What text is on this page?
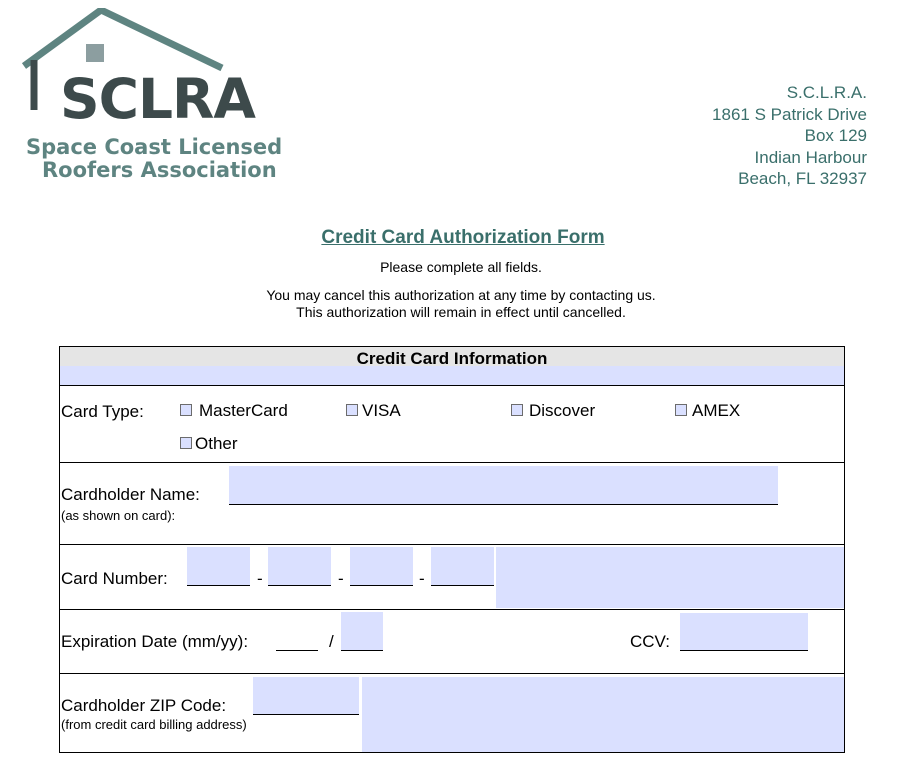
SCLRA
Space Coast Licensed
Roofers Association
S.C.L.R.A.
1861 S Patrick Drive
Box 129
Indian Harbour
Beach, FL 32937
Credit Card Authorization Form
Please complete all fields.
You may cancel this authorization at any time by contacting us.
This authorization will remain in effect until cancelled.
Credit Card Information
Card Type:	MasterCard	VISA	Discover	AMEX
Other
Cardholder Name:
(as shown on card):
Card Number:	-	-	-
Expiration Date (mm/yy):	/	CCV:
Cardholder ZIP Code:
(from credit card billing address)
